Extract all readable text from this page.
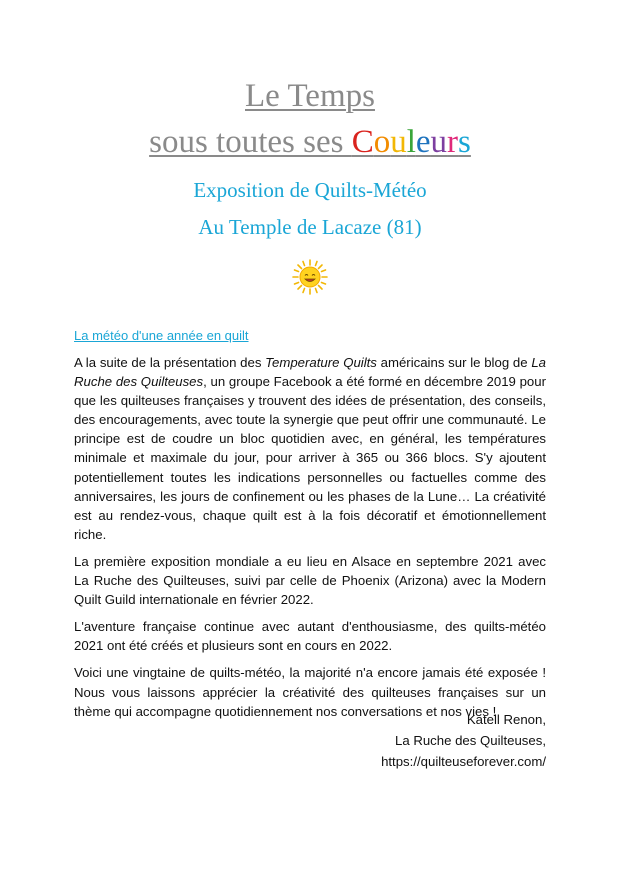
Le Temps
sous toutes ses Couleurs
Exposition de Quilts-Météo
Au Temple de Lacaze (81)
La météo d'une année en quilt

A la suite de la présentation des Temperature Quilts américains sur le blog de La Ruche des Quilteuses, un groupe Facebook a été formé en décembre 2019 pour que les quilteuses françaises y trouvent des idées de présentation, des conseils, des encouragements, avec toute la synergie que peut offrir une communauté. Le principe est de coudre un bloc quotidien avec, en général, les températures minimale et maximale du jour, pour arriver à 365 ou 366 blocs. S'y ajoutent potentiellement toutes les indications personnelles ou factuelles comme des anniversaires, les jours de confinement ou les phases de la Lune… La créativité est au rendez-vous, chaque quilt est à la fois décoratif et émotionnellement riche.

La première exposition mondiale a eu lieu en Alsace en septembre 2021 avec La Ruche des Quilteuses, suivi par celle de Phoenix (Arizona) avec la Modern Quilt Guild internationale en février 2022.

L'aventure française continue avec autant d'enthousiasme, des quilts-météo 2021 ont été créés et plusieurs sont en cours en 2022.

Voici une vingtaine de quilts-météo, la majorité n'a encore jamais été exposée ! Nous vous laissons apprécier la créativité des quilteuses françaises sur un thème qui accompagne quotidiennement nos conversations et nos vies !

Katell Renon,
La Ruche des Quilteuses,
https://quilteuseforever.com/
